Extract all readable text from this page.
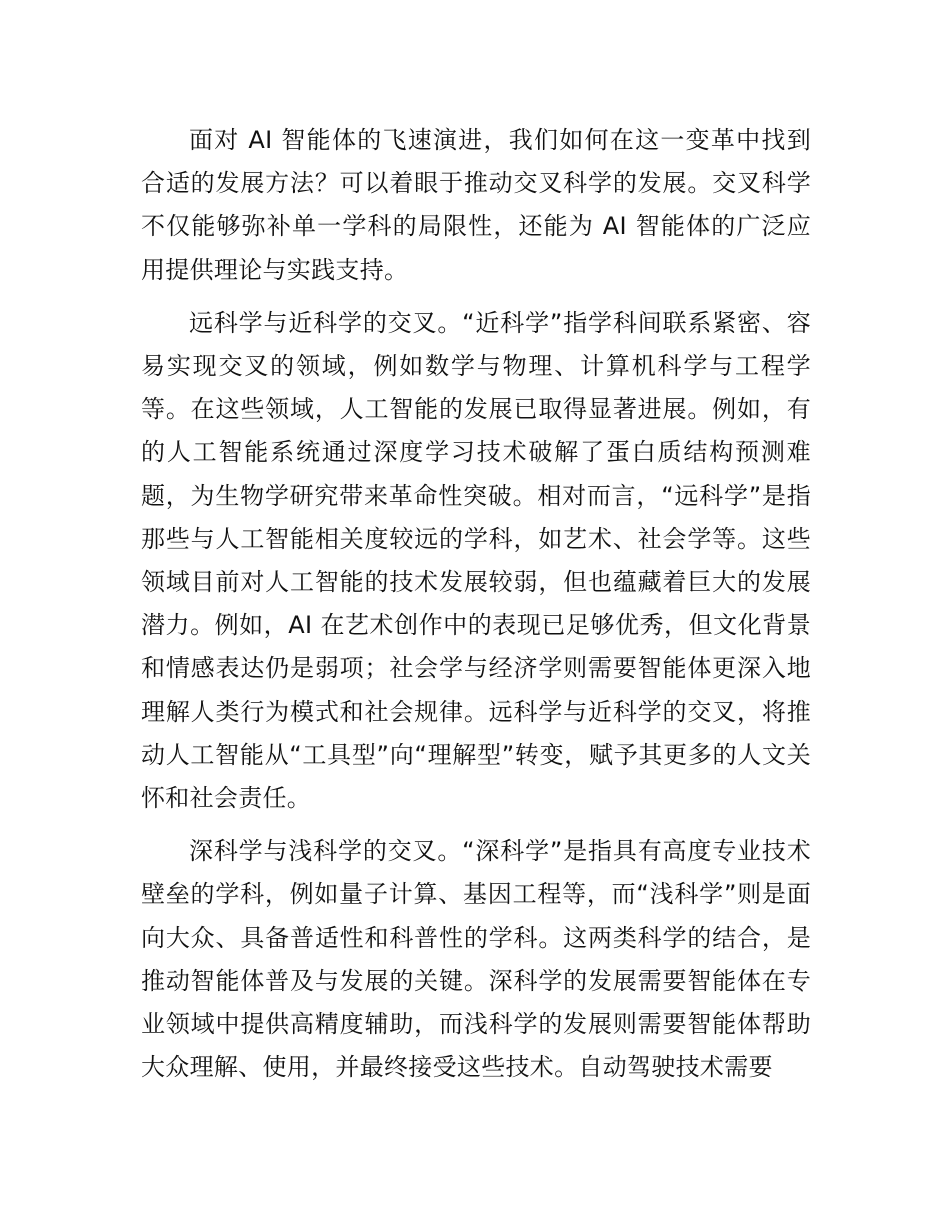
面对 AI 智能体的飞速演进，我们如何在这一变革中找到合适的发展方法？可以着眼于推动交叉科学的发展。交叉科学不仅能够弥补单一学科的局限性，还能为 AI 智能体的广泛应用提供理论与实践支持。

远科学与近科学的交叉。“近科学”指学科间联系紧密、容易实现交叉的领域，例如数学与物理、计算机科学与工程学等。在这些领域，人工智能的发展已取得显著进展。例如，有的人工智能系统通过深度学习技术破解了蛋白质结构预测难题，为生物学研究带来革命性突破。相对而言，“远科学”是指那些与人工智能相关度较远的学科，如艺术、社会学等。这些领域目前对人工智能的技术发展较弱，但也蕴藏着巨大的发展潜力。例如，AI 在艺术创作中的表现已足够优秀，但文化背景和情感表达仍是弱项；社会学与经济学则需要智能体更深入地理解人类行为模式和社会规律。远科学与近科学的交叉，将推动人工智能从“工具型”向“理解型”转变，赋予其更多的人文关怀和社会责任。

深科学与浅科学的交叉。“深科学”是指具有高度专业技术壁垒的学科，例如量子计算、基因工程等，而“浅科学”则是面向大众、具备普适性和科普性的学科。这两类科学的结合，是推动智能体普及与发展的关键。深科学的发展需要智能体在专业领域中提供高精度辅助，而浅科学的发展则需要智能体帮助大众理解、使用，并最终接受这些技术。自动驾驶技术需要
